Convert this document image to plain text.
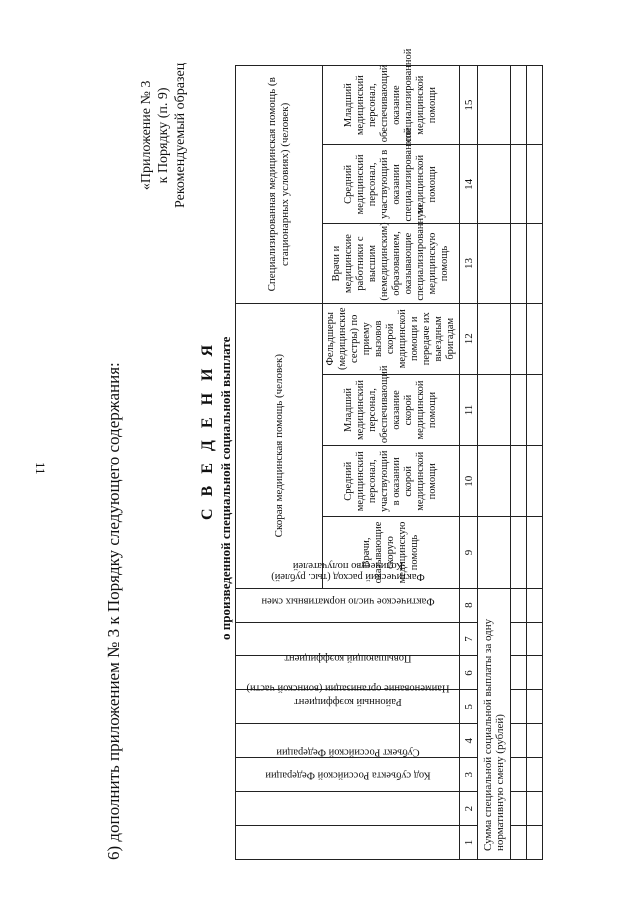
11	6) дополнить приложением № 3 к Порядку следующего содержания:
«Приложение № 3 к Порядку (п. 9) Рекомендуемый образец
С В Е Д Е Н И Я о произведенной специальной социальной выплате
Код субъекта Российской Федерации	Субъект Российской Федерации	Наименование организации (воинской части)	Районный коэффициент	Повышающий коэффициент	Фактическое число нормативных смен	Фактический расход (тыс. рублей)	Количество получателей	Скорая медицинская помощь (человек)				Специализированная медицинская помощь (в стационарных условиях) (человек)		
								Врачи, оказывающие скорую медицинскую помощь	Средний медицинский персонал, участвующий в оказании скорой медицинской помощи	Младший медицинский персонал, обеспечивающий оказание скорой медицинской помощи	Фельдшеры (медицинские сестры) по приему вызовов скорой медицинской помощи и передаче их выездным бригадам	Врачи и медицинские работники с высшим (немедицинским) образованием, оказывающие специализированную медицинскую помощь	Средний медицинский персонал, участвующий в оказании специализированной медицинской помощи	Младший медицинский персонал, обеспечивающий оказание специализированной медицинской помощи
1	2	3	4	5	6	7	8	9	10	11	12	13	14	15
Сумма специальной социальной выплаты за одну нормативную смену (рублей)														
